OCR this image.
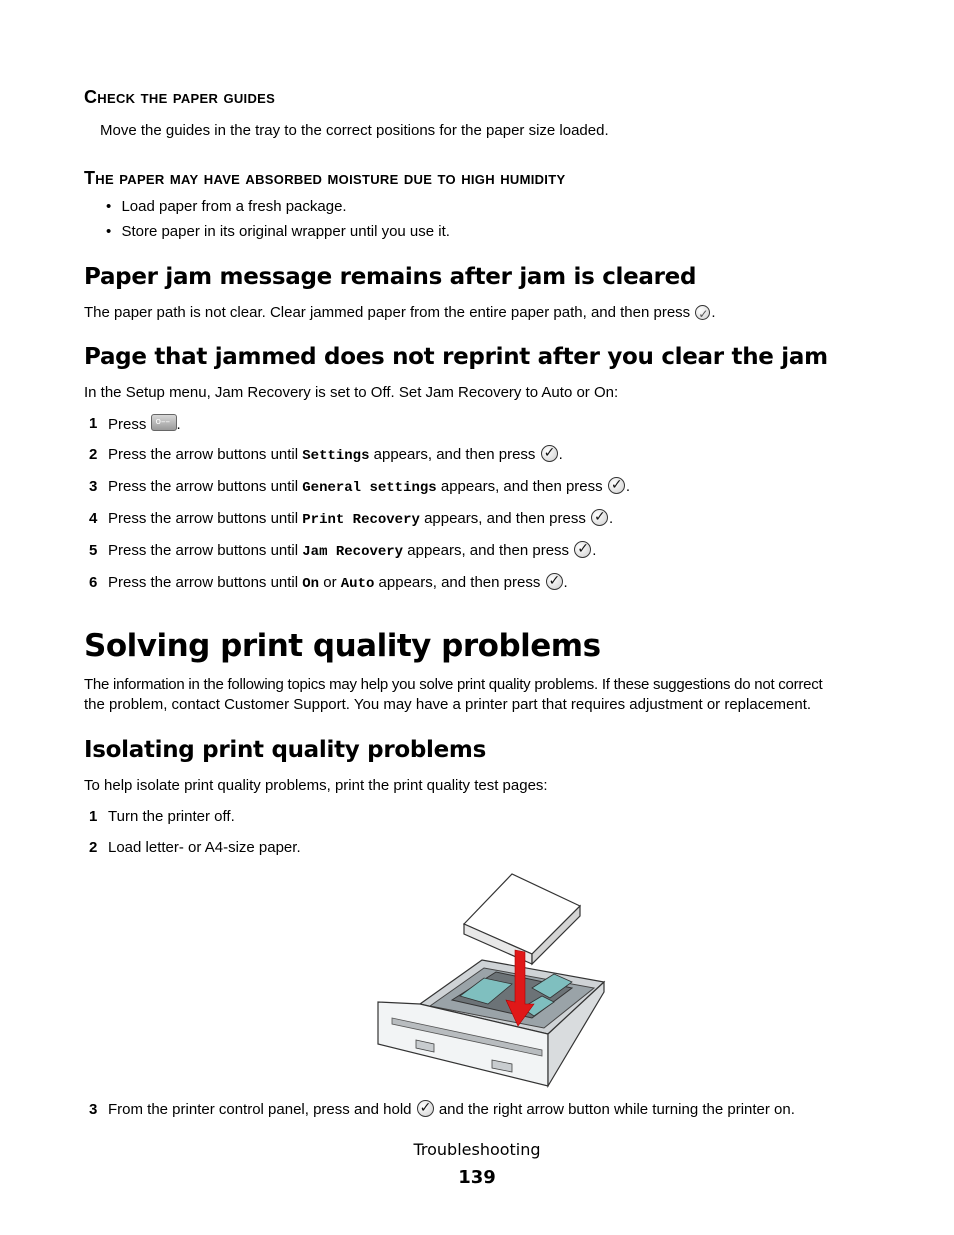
Check the paper guides
Move the guides in the tray to the correct positions for the paper size loaded.
The paper may have absorbed moisture due to high humidity
• Load paper from a fresh package.
• Store paper in its original wrapper until you use it.
Paper jam message remains after jam is cleared
The paper path is not clear. Clear jammed paper from the entire paper path, and then press ✓ .
Page that jammed does not reprint after you clear the jam
In the Setup menu, Jam Recovery is set to Off. Set Jam Recovery to Auto or On:
1 Press o–– .
2 Press the arrow buttons until Settings appears, and then press ✓ .
3 Press the arrow buttons until General settings appears, and then press ✓ .
4 Press the arrow buttons until Print Recovery appears, and then press ✓ .
5 Press the arrow buttons until Jam Recovery appears, and then press ✓ .
6 Press the arrow buttons until On or Auto appears, and then press ✓ .
Solving print quality problems
The information in the following topics may help you solve print quality problems. If these suggestions do not correct
the problem, contact Customer Support. You may have a printer part that requires adjustment or replacement.
Isolating print quality problems
To help isolate print quality problems, print the print quality test pages:
1 Turn the printer off.
2 Load letter- or A4-size paper.
3 From the printer control panel, press and hold ✓ and the right arrow button while turning the printer on.
Troubleshooting
139
